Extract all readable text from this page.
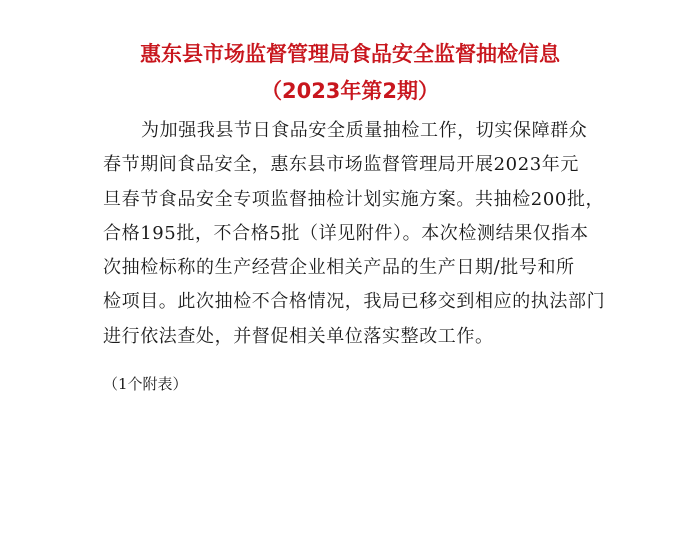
惠东县市场监督管理局食品安全监督抽检信息
（2023年第2期）
为加强我县节日食品安全质量抽检工作，切实保障群众
春节期间食品安全，惠东县市场监督管理局开展2023年元
旦春节食品安全专项监督抽检计划实施方案。共抽检200批，
合格195批，不合格5批（详见附件）。本次检测结果仅指本
次抽检标称的生产经营企业相关产品的生产日期/批号和所
检项目。此次抽检不合格情况，我局已移交到相应的执法部门
进行依法查处，并督促相关单位落实整改工作。
（1个附表）
